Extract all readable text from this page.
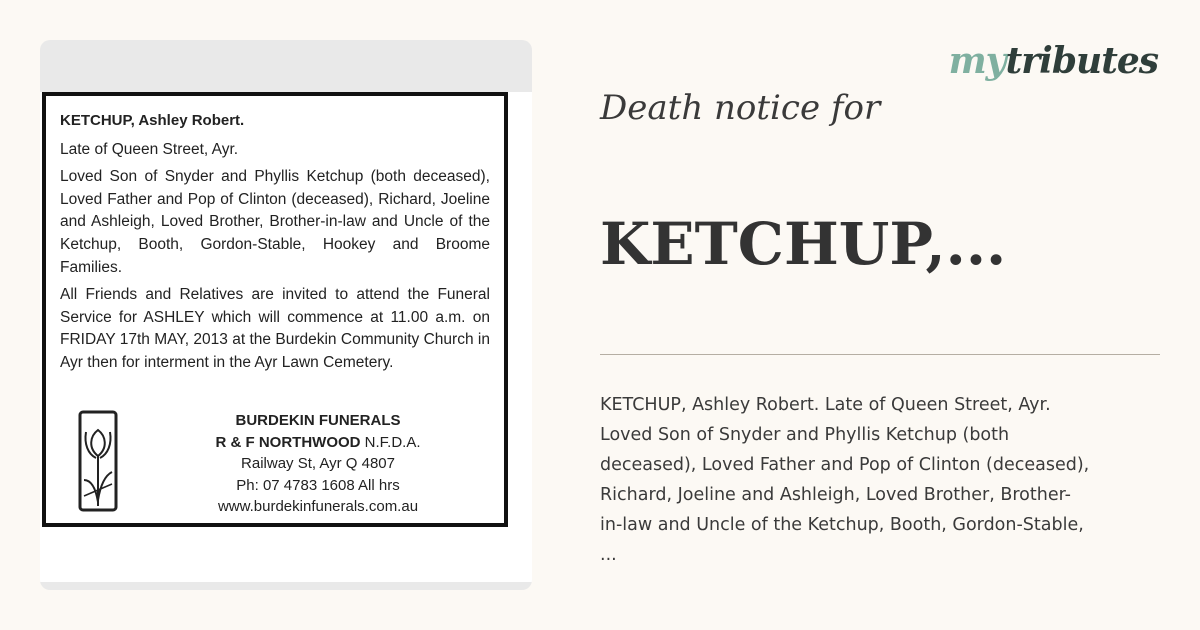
mytributes

KETCHUP, Ashley Robert.

Late of Queen Street, Ayr.

Loved Son of Snyder and Phyllis Ketchup (both deceased), Loved Father and Pop of Clinton (deceased), Richard, Joeline and Ashleigh, Loved Brother, Brother-in-law and Uncle of the Ketchup, Booth, Gordon-Stable, Hookey and Broome Families.

All Friends and Relatives are invited to attend the Funeral Service for ASHLEY which will commence at 11.00 a.m. on FRIDAY 17th MAY, 2013 at the Burdekin Community Church in Ayr then for interment in the Ayr Lawn Cemetery.

BURDEKIN FUNERALS
R & F NORTHWOOD N.F.D.A.
Railway St, Ayr Q 4807
Ph: 07 4783 1608 All hrs
www.burdekinfunerals.com.au
Death notice for
KETCHUP,...

KETCHUP, Ashley Robert. Late of Queen Street, Ayr.
Loved Son of Snyder and Phyllis Ketchup (both
deceased), Loved Father and Pop of Clinton (deceased),
Richard, Joeline and Ashleigh, Loved Brother, Brother-
in-law and Uncle of the Ketchup, Booth, Gordon-Stable,
...
